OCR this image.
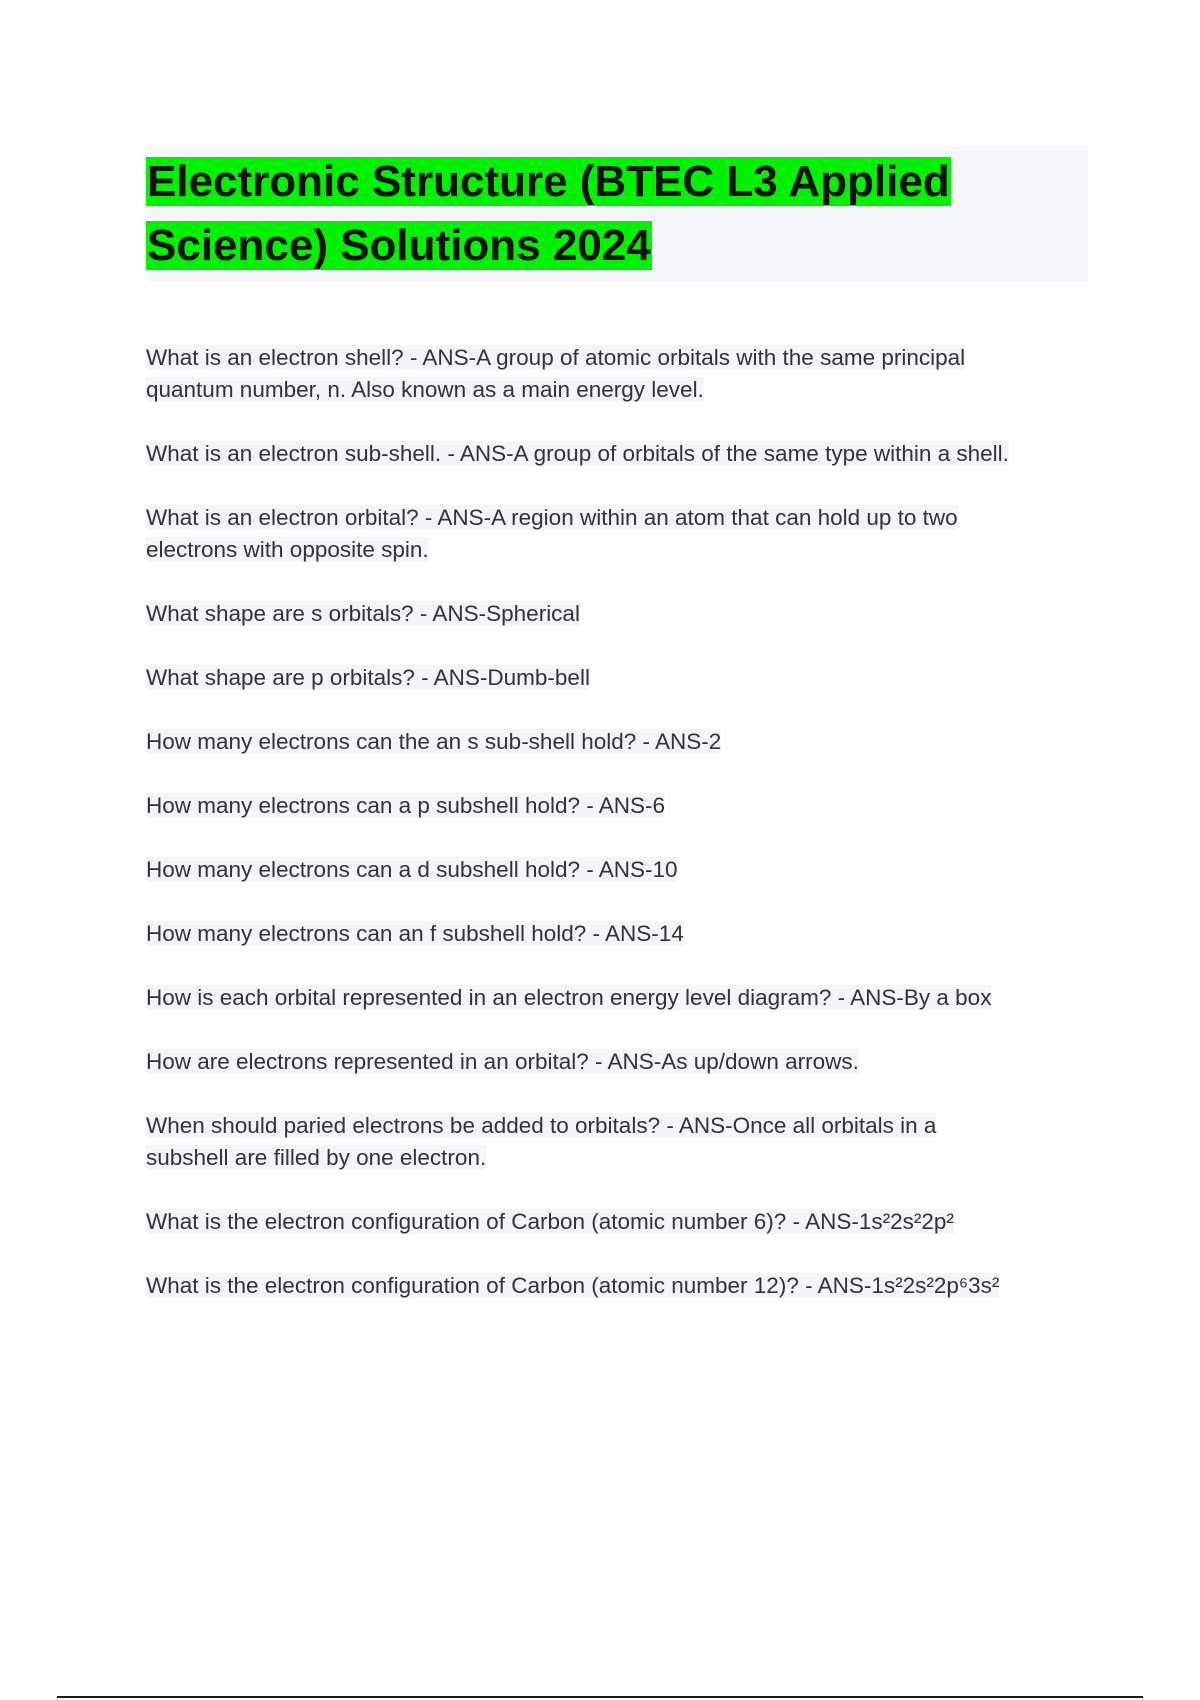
Electronic Structure (BTEC L3 Applied Science) Solutions 2024
What is an electron shell? - ANS-A group of atomic orbitals with the same principal
quantum number, n. Also known as a main energy level.
What is an electron sub-shell. - ANS-A group of orbitals of the same type within a shell.
What is an electron orbital? - ANS-A region within an atom that can hold up to two
electrons with opposite spin.
What shape are s orbitals? - ANS-Spherical
What shape are p orbitals? - ANS-Dumb-bell
How many electrons can the an s sub-shell hold? - ANS-2
How many electrons can a p subshell hold? - ANS-6
How many electrons can a d subshell hold? - ANS-10
How many electrons can an f subshell hold? - ANS-14
How is each orbital represented in an electron energy level diagram? - ANS-By a box
How are electrons represented in an orbital? - ANS-As up/down arrows.
When should paried electrons be added to orbitals? - ANS-Once all orbitals in a
subshell are filled by one electron.
What is the electron configuration of Carbon (atomic number 6)? - ANS-1s²2s²2p²
What is the electron configuration of Carbon (atomic number 12)? - ANS-1s²2s²2p⁶3s²
